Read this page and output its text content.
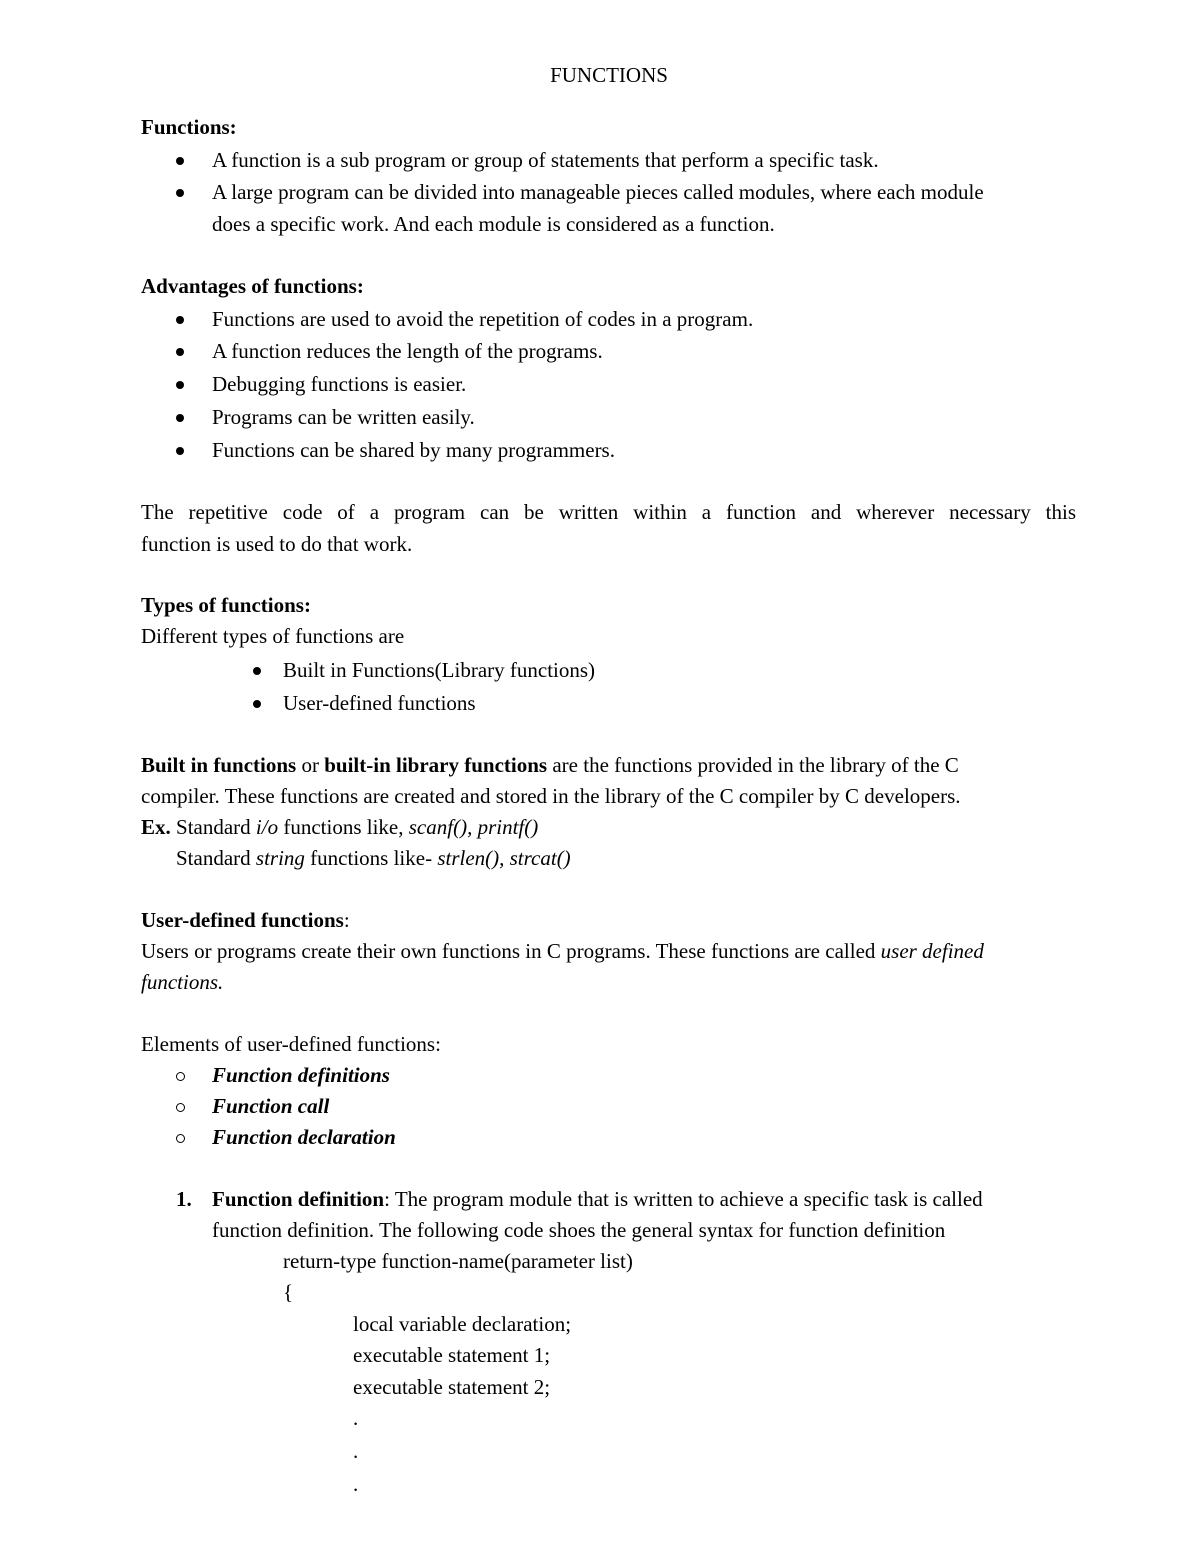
FUNCTIONS
Functions:
A function is a sub program or group of statements that perform a specific task.
A large program can be divided into manageable pieces called modules, where each module
does a specific work. And each module is considered as a function.
Advantages of functions:
Functions are used to avoid the repetition of codes in a program.
A function reduces the length of the programs.
Debugging functions is easier.
Programs can be written easily.
Functions can be shared by many programmers.
The repetitive code of a program can be written within a function and wherever necessary this
function is used to do that work.
Types of functions:
Different types of functions are
Built in Functions(Library functions)
User-defined functions
Built in functions or built-in library functions are the functions provided in the library of the C
compiler. These functions are created and stored in the library of the C compiler by C developers.
Ex. Standard i/o functions like, scanf(), printf()
Standard string functions like- strlen(), strcat()
User-defined functions:
Users or programs create their own functions in C programs. These functions are called user defined
functions.
Elements of user-defined functions:
Function definitions
Function call
Function declaration
1. Function definition: The program module that is written to achieve a specific task is called
function definition. The following code shoes the general syntax for function definition
return-type function-name(parameter list)
{
local variable declaration;
executable statement 1;
executable statement 2;
.
.
.
